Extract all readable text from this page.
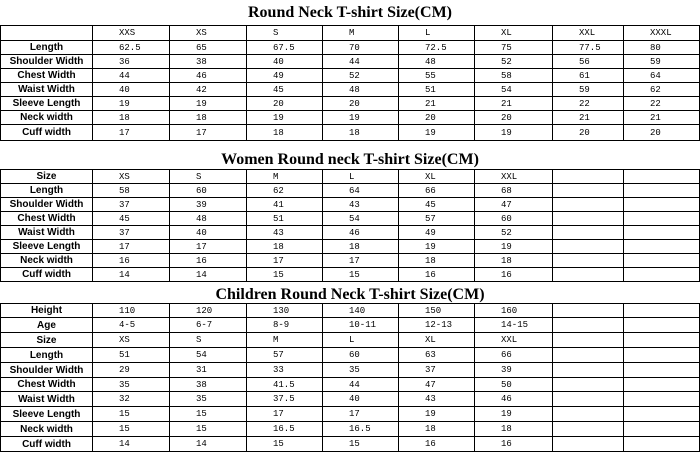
Round Neck T-shirt Size(CM)
	XXS	XS	S	M	L	XL	XXL	XXXL
Length	62.5	65	67.5	70	72.5	75	77.5	80
Shoulder Width	36	38	40	44	48	52	56	59
Chest Width	44	46	49	52	55	58	61	64
Waist Width	40	42	45	48	51	54	59	62
Sleeve Length	19	19	20	20	21	21	22	22
Neck width	18	18	19	19	20	20	21	21
Cuff width	17	17	18	18	19	19	20	20
Women Round neck T-shirt Size(CM)
Size	XS	S	M	L	XL	XXL		
Length	58	60	62	64	66	68		
Shoulder Width	37	39	41	43	45	47		
Chest Width	45	48	51	54	57	60		
Waist Width	37	40	43	46	49	52		
Sleeve Length	17	17	18	18	19	19		
Neck width	16	16	17	17	18	18		
Cuff width	14	14	15	15	16	16		
Children Round Neck T-shirt Size(CM)
Height	110	120	130	140	150	160		
Age	4-5	6-7	8-9	10-11	12-13	14-15		
Size	XS	S	M	L	XL	XXL		
Length	51	54	57	60	63	66		
Shoulder Width	29	31	33	35	37	39		
Chest Width	35	38	41.5	44	47	50		
Waist Width	32	35	37.5	40	43	46		
Sleeve Length	15	15	17	17	19	19		
Neck width	15	15	16.5	16.5	18	18		
Cuff width	14	14	15	15	16	16		
